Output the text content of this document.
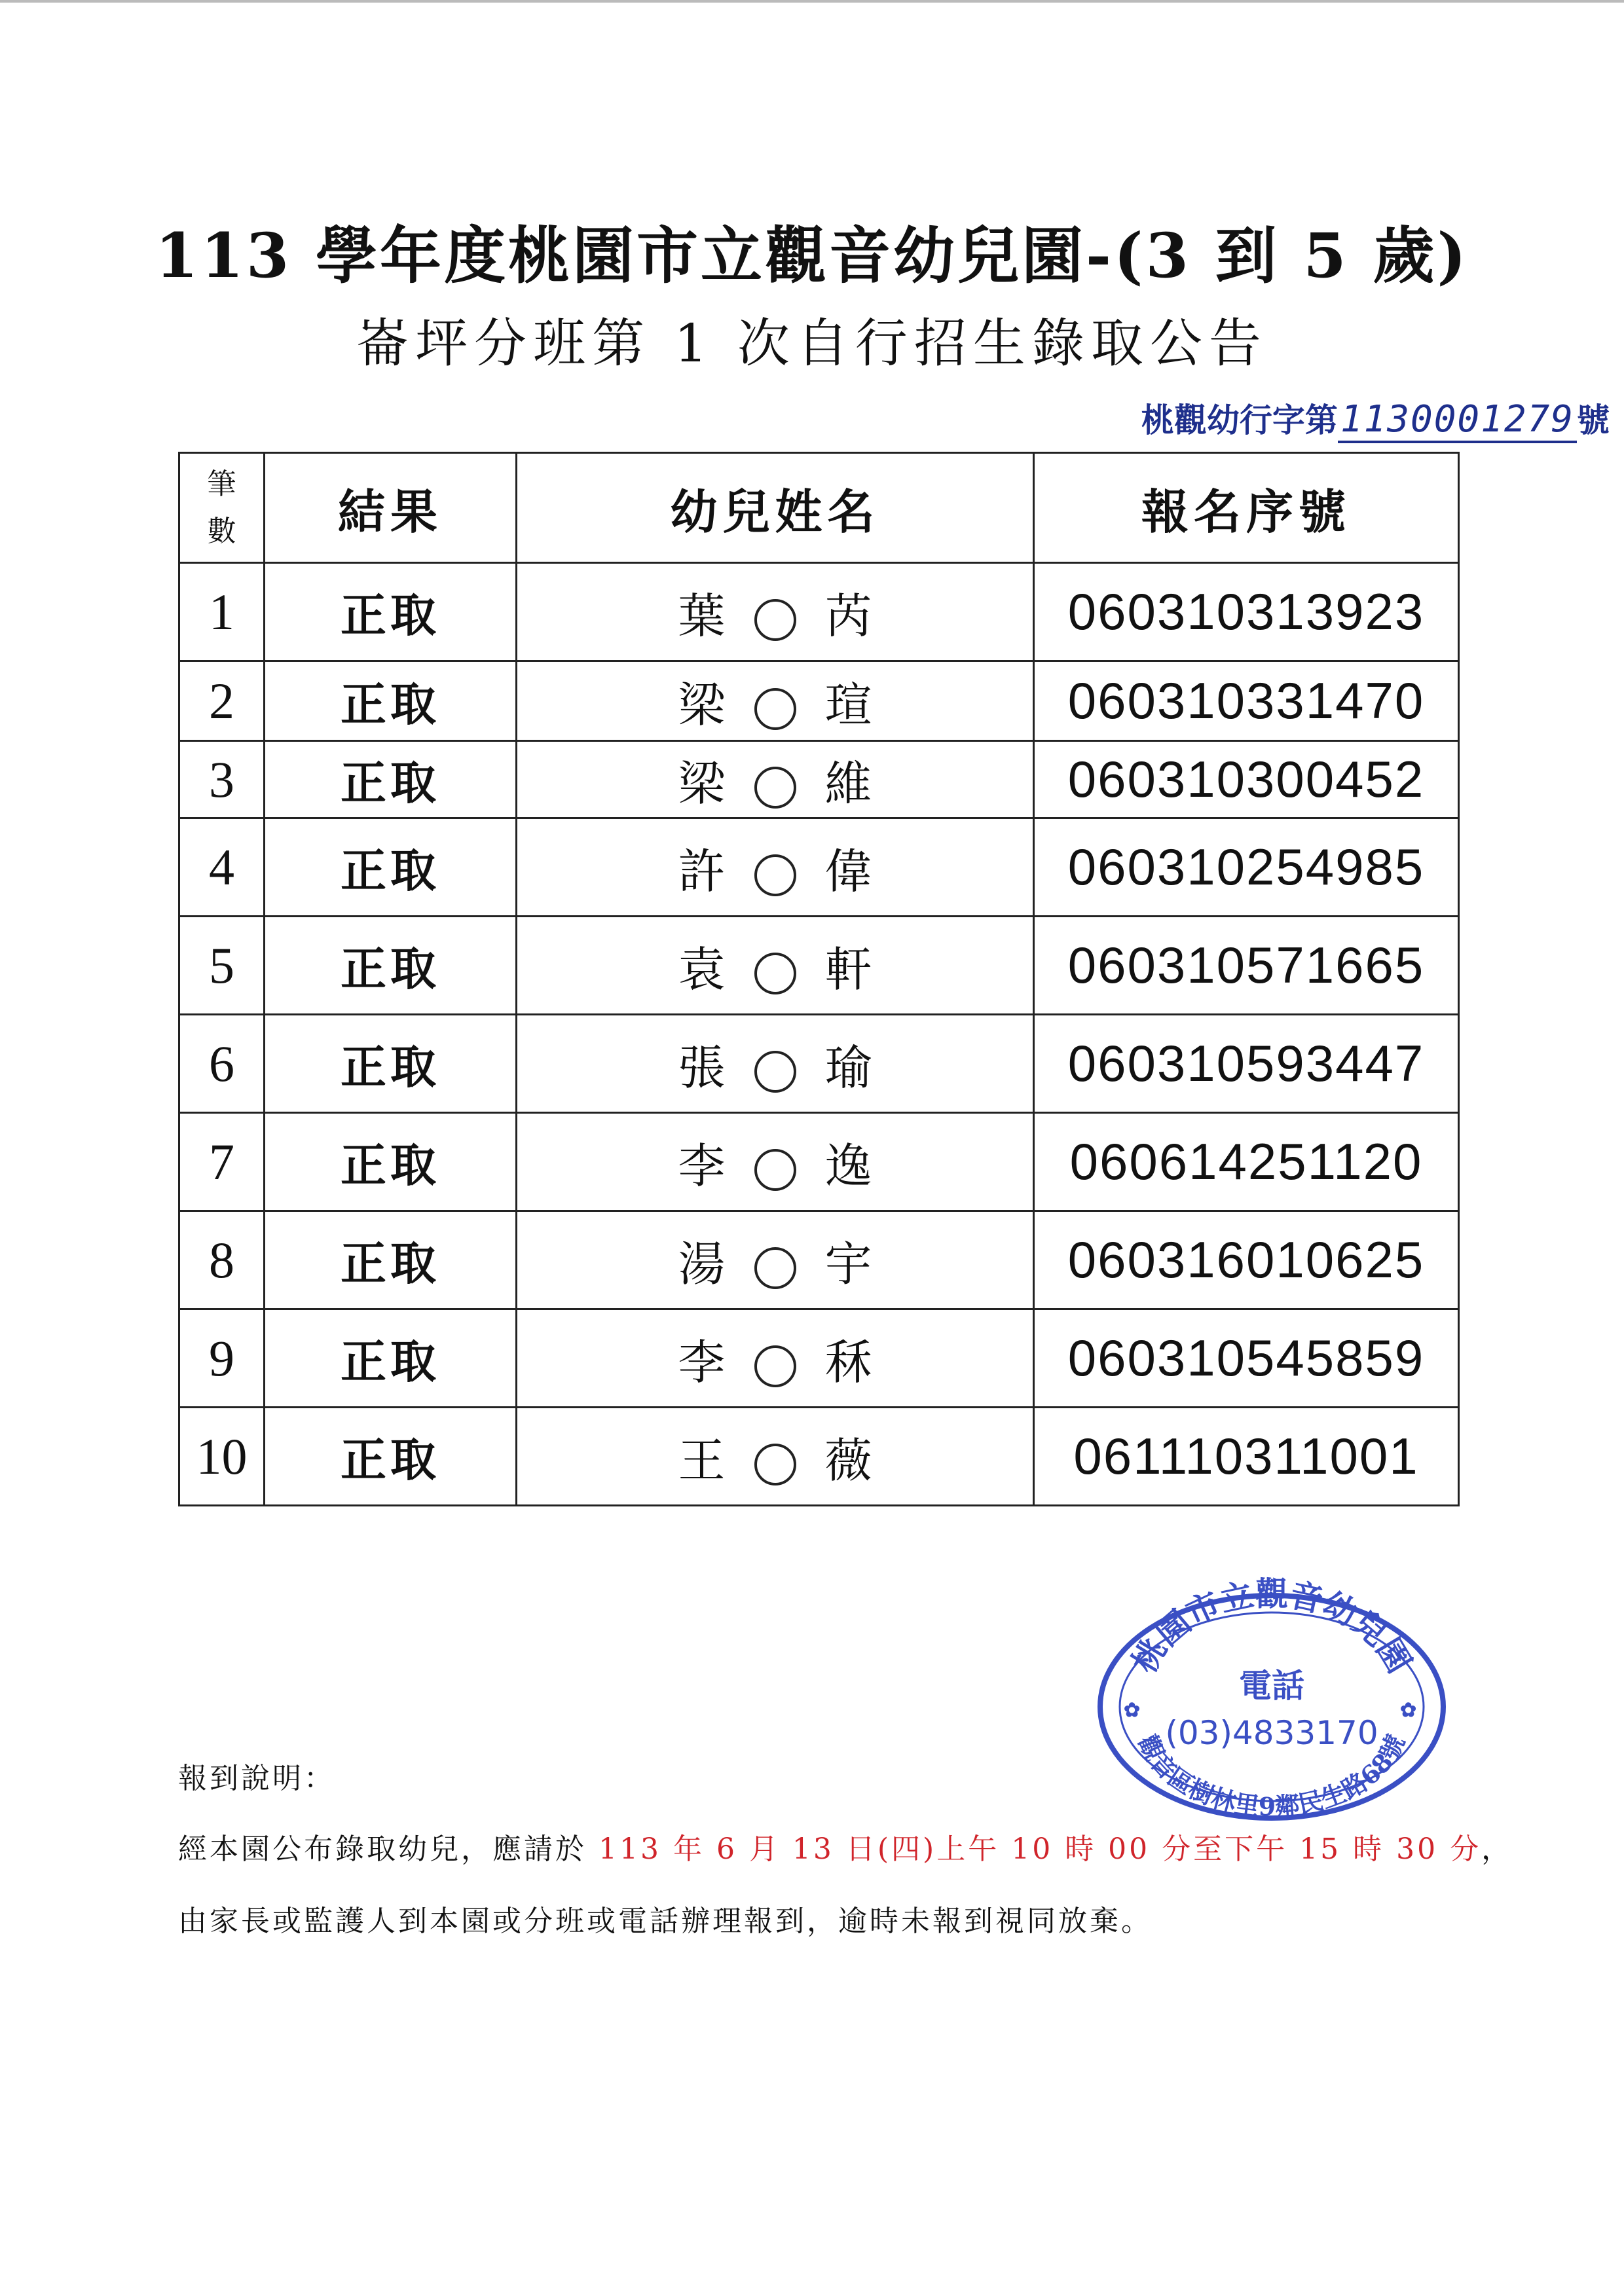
113 學年度桃園市立觀音幼兒園-(3 到 5 歲)
崙坪分班第 1 次自行招生錄取公告
桃觀幼行字第1130001279號
筆
數	結果	幼兒姓名	報名序號
1	正取	葉 芮	060310313923
2	正取	梁 瑄	060310331470
3	正取	梁 維	060310300452
4	正取	許 偉	060310254985
5	正取	袁 軒	060310571665
6	正取	張 瑜	060310593447
7	正取	李 逸	060614251120
8	正取	湯 宇	060316010625
9	正取	李 秝	060310545859
10	正取	王 薇	061110311001
桃園市立觀音幼兒園
電話
(03)4833170
觀音區樹林里9鄰民生路68號
✿	✿

報到說明：

經本園公布錄取幼兒，應請於 113 年 6 月 13 日(四)上午 10 時 00 分至下午 15 時 30 分，

由家長或監護人到本園或分班或電話辦理報到，逾時未報到視同放棄。
